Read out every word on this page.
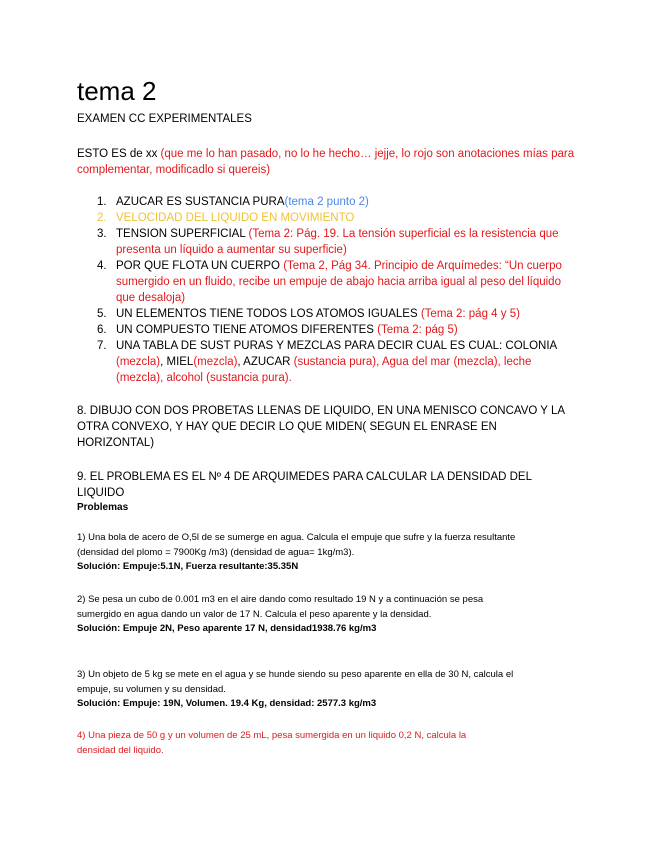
tema 2
EXAMEN CC EXPERIMENTALES
ESTO ES de xx (que me lo han pasado, no lo he hecho… jejje, lo rojo son anotaciones mías para complementar, modificadlo si quereis)
1. AZUCAR ES SUSTANCIA PURA(tema 2 punto 2)
2. VELOCIDAD DEL LIQUIDO EN MOVIMIENTO
3. TENSION SUPERFICIAL (Tema 2: Pág. 19. La tensión superficial es la resistencia que presenta un líquido a aumentar su superficie)
4. POR QUE FLOTA UN CUERPO (Tema 2, Pág 34. Principio de Arquímedes: “Un cuerpo sumergido en un fluido, recibe un empuje de abajo hacia arriba igual al peso del líquido que desaloja)
5. UN ELEMENTOS TIENE TODOS LOS ATOMOS IGUALES (Tema 2: pág 4 y 5)
6. UN COMPUESTO TIENE ATOMOS DIFERENTES (Tema 2: pág 5)
7. UNA TABLA DE SUST PURAS Y MEZCLAS PARA DECIR CUAL ES CUAL: COLONIA (mezcla), MIEL(mezcla), AZUCAR (sustancia pura), Agua del mar (mezcla), leche (mezcla), alcohol (sustancia pura).
8. DIBUJO CON DOS PROBETAS LLENAS DE LIQUIDO, EN UNA MENISCO CONCAVO Y LA OTRA CONVEXO, Y HAY QUE DECIR LO QUE MIDEN( SEGUN EL ENRASE EN HORIZONTAL)
9. EL PROBLEMA ES EL Nº 4 DE ARQUIMEDES PARA CALCULAR LA DENSIDAD DEL LIQUIDO
Problemas
1) Una bola de acero de O,5l de se sumerge en agua. Calcula el empuje que sufre y la fuerza resultante (densidad del plomo = 7900Kg /m3) (densidad de agua= 1kg/m3).
Solución: Empuje:5.1N, Fuerza resultante:35.35N
2) Se pesa un cubo de 0.001 m3 en el aire dando como resultado 19 N y a continuación se pesa sumergido en agua dando un valor de 17 N. Calcula el peso aparente y la densidad.
Solución: Empuje 2N, Peso aparente 17 N, densidad1938.76 kg/m3
3) Un objeto de 5 kg se mete en el agua y se hunde siendo su peso aparente en ella de 30 N, calcula el empuje, su volumen y su densidad.
Solución: Empuje: 19N, Volumen. 19.4 Kg, densidad: 2577.3 kg/m3
4) Una pieza de 50 g y un volumen de 25 mL, pesa sumergida en un liquido 0,2 N, calcula la densidad del liquido.
